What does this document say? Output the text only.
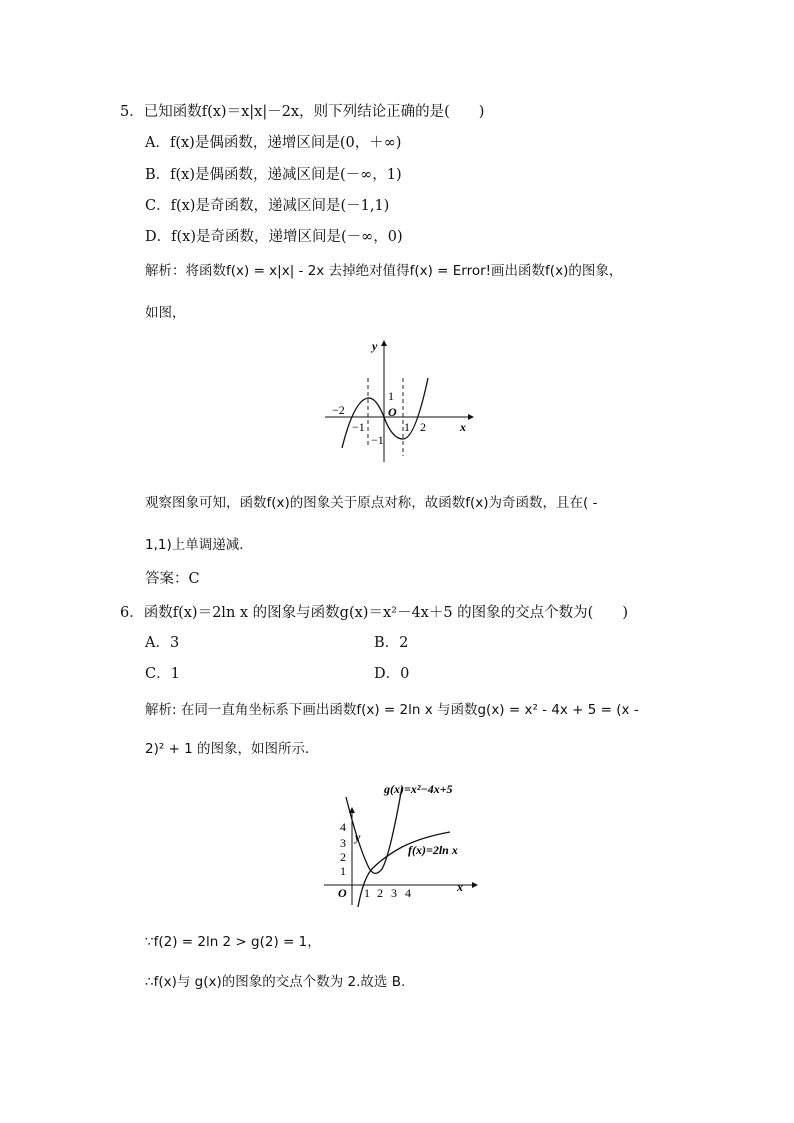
5．已知函数f(x)＝x|x|－2x，则下列结论正确的是(　　)
A．f(x)是偶函数，递增区间是(0，＋∞)
B．f(x)是偶函数，递减区间是(－∞，1)
C．f(x)是奇函数，递减区间是(－1,1)
D．f(x)是奇函数，递增区间是(－∞，0)
解析：将函数f(x) = x|x| - 2x 去掉绝对值得f(x) = Error!画出函数f(x)的图象，
如图，
y
x
O
−2
−1	1 2
1
−1
观察图象可知，函数f(x)的图象关于原点对称，故函数f(x)为奇函数，且在( -
1,1)上单调递减．
答案：C
6．函数f(x)＝2ln x 的图象与函数g(x)＝x²－4x＋5 的图象的交点个数为(　　)
A．3	B．2
C．1	D．0
解析: 在同一直角坐标系下画出函数f(x) = 2ln x 与函数g(x) = x² - 4x + 5 = (x -
2)² + 1 的图象，如图所示．
g(x)=x²−4x+5
f(x)=2ln x
y
x
O
4
3
2
1
1 2 3 4
∵f(2) = 2ln 2 > g(2) = 1，
∴f(x)与 g(x)的图象的交点个数为 2.故选 B.
